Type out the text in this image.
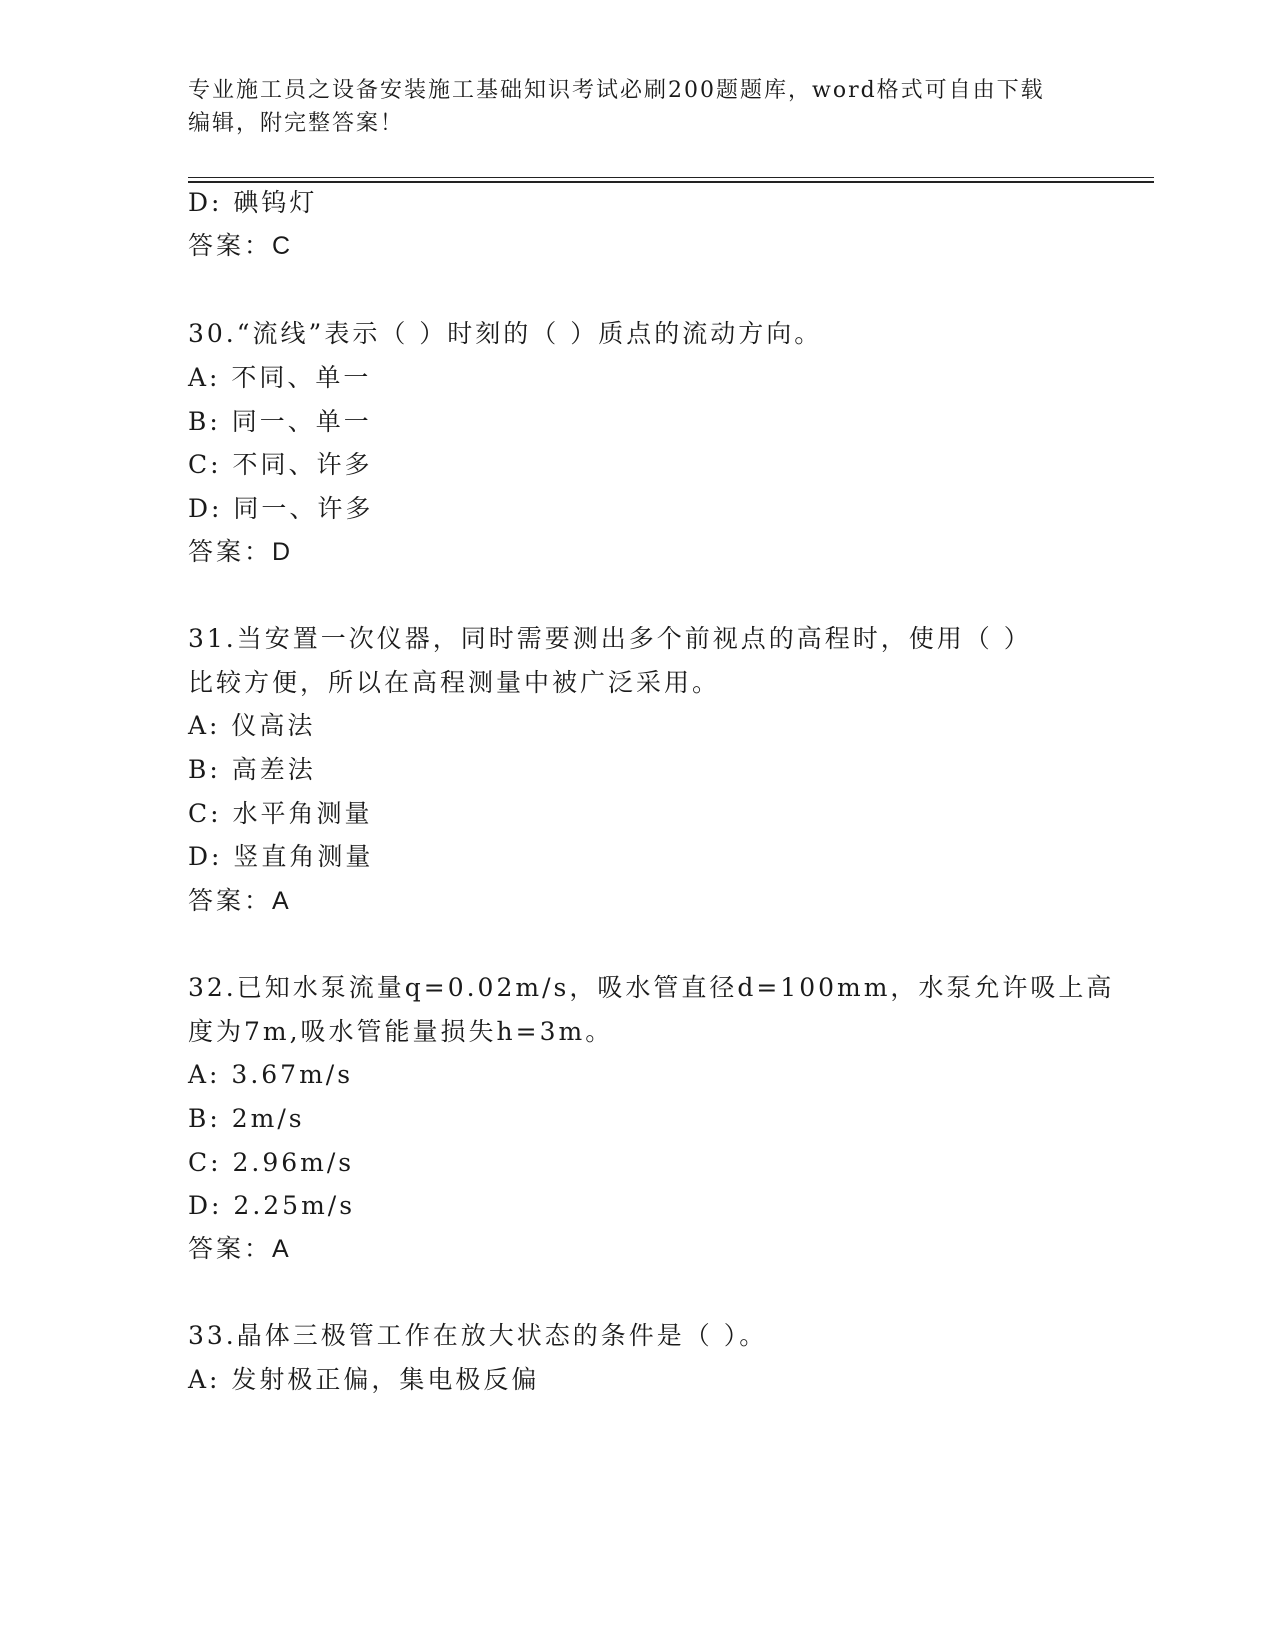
专业施工员之设备安装施工基础知识考试必刷200题题库，word格式可自由下载
编辑，附完整答案！
D: 碘钨灯
答案：C
30.“流线”表示（ ）时刻的（ ）质点的流动方向。
A: 不同、单一
B: 同一、单一
C: 不同、许多
D: 同一、许多
答案：D
31.当安置一次仪器，同时需要测出多个前视点的高程时，使用（ ）
比较方便，所以在高程测量中被广泛采用。
A: 仪高法
B: 高差法
C: 水平角测量
D: 竖直角测量
答案：A
32.已知水泵流量q=0.02m/s，吸水管直径d=100mm，水泵允许吸上高
度为7m,吸水管能量损失h=3m。
A: 3.67m/s
B: 2m/s
C: 2.96m/s
D: 2.25m/s
答案：A
33.晶体三极管工作在放大状态的条件是（ ）。
A: 发射极正偏，集电极反偏
